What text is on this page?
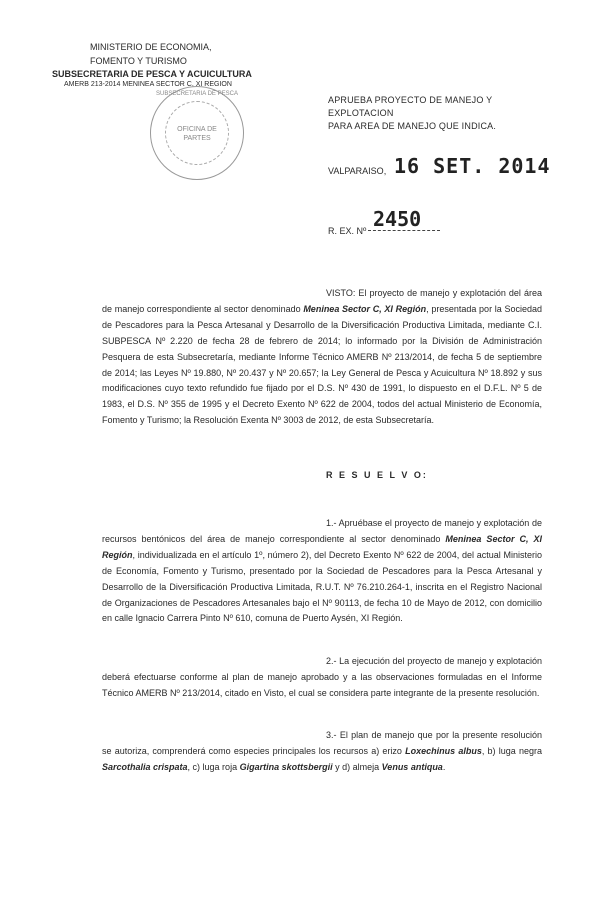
MINISTERIO DE ECONOMIA,
FOMENTO Y TURISMO
SUBSECRETARIA DE PESCA Y ACUICULTURA
AMERB 213-2014 MENINEA SECTOR C, XI REGION
SUBSECRETARIA DE PESCA
OFICINA DE
PARTES
APRUEBA PROYECTO DE MANEJO Y EXPLOTACION
PARA AREA DE MANEJO QUE INDICA.
VALPARAISO, 16 SET. 2014
R. EX. Nº 2450
VISTO: El proyecto de manejo y explotación del área de manejo correspondiente al sector denominado Meninea Sector C, XI Región, presentada por la Sociedad de Pescadores para la Pesca Artesanal y Desarrollo de la Diversificación Productiva Limitada, mediante C.I. SUBPESCA Nº 2.220 de fecha 28 de febrero de 2014; lo informado por la División de Administración Pesquera de esta Subsecretaría, mediante Informe Técnico AMERB Nº 213/2014, de fecha 5 de septiembre de 2014; las Leyes Nº 19.880, Nº 20.437 y Nº 20.657; la Ley General de Pesca y Acuicultura Nº 18.892 y sus modificaciones cuyo texto refundido fue fijado por el D.S. Nº 430 de 1991, lo dispuesto en el D.F.L. Nº 5 de 1983, el D.S. Nº 355 de 1995 y el Decreto Exento Nº 622 de 2004, todos del actual Ministerio de Economía, Fomento y Turismo; la Resolución Exenta Nº 3003 de 2012, de esta Subsecretaría.
R E S U E L V O:
1.- Apruébase el proyecto de manejo y explotación de recursos bentónicos del área de manejo correspondiente al sector denominado Meninea Sector C, XI Región, individualizada en el artículo 1º, número 2), del Decreto Exento Nº 622 de 2004, del actual Ministerio de Economía, Fomento y Turismo, presentado por la Sociedad de Pescadores para la Pesca Artesanal y Desarrollo de la Diversificación Productiva Limitada, R.U.T. Nº 76.210.264-1, inscrita en el Registro Nacional de Organizaciones de Pescadores Artesanales bajo el Nº 90113, de fecha 10 de Mayo de 2012, con domicilio en calle Ignacio Carrera Pinto Nº 610, comuna de Puerto Aysén, XI Región.
2.- La ejecución del proyecto de manejo y explotación deberá efectuarse conforme al plan de manejo aprobado y a las observaciones formuladas en el Informe Técnico AMERB Nº 213/2014, citado en Visto, el cual se considera parte integrante de la presente resolución.
3.- El plan de manejo que por la presente resolución se autoriza, comprenderá como especies principales los recursos a) erizo Loxechinus albus, b) luga negra Sarcothalia crispata, c) luga roja Gigartina skottsbergii y d) almeja Venus antiqua.
